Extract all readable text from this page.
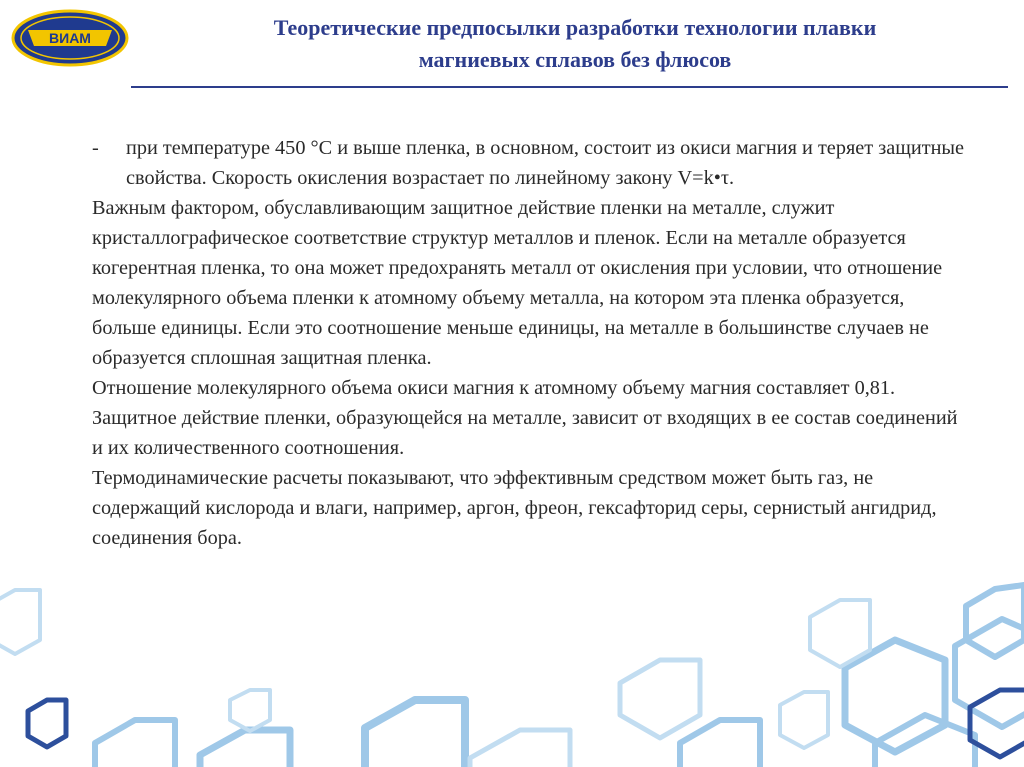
ВИАМ	Теоретические предпосылки разработки технологии плавки
магниевых сплавов без флюсов
-	при температуре 450 °С и выше пленка, в основном, состоит из окиси магния и теряет защитные свойства. Скорость окисления возрастает по линейному закону V=k•τ.

Важным фактором, обуславливающим защитное действие пленки на металле, служит кристаллографическое соответствие структур металлов и пленок. Если на металле образуется когерентная пленка, то она может предохранять металл от окисления при условии, что отношение молекулярного объема пленки к атомному объему металла, на котором эта пленка образуется, больше единицы. Если это соотношение меньше единицы, на металле в большинстве случаев не образуется сплошная защитная пленка.

Отношение молекулярного объема окиси магния к атомному объему магния составляет 0,81. Защитное действие пленки, образующейся на металле, зависит от входящих в ее состав соединений и их количественного соотношения.

Термодинамические расчеты показывают, что эффективным средством может быть газ, не содержащий кислорода и влаги, например, аргон, фреон, гексафторид серы, сернистый ангидрид, соединения бора.
